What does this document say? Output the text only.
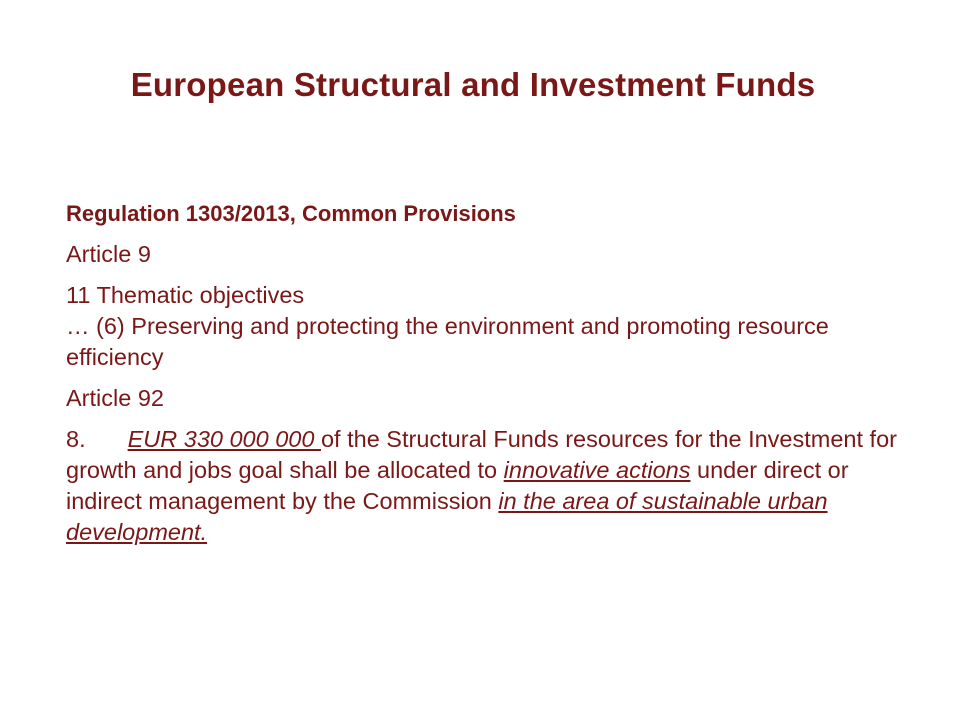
European Structural and Investment Funds
Regulation 1303/2013, Common Provisions
Article 9
11 Thematic objectives
… (6) Preserving and protecting the environment and promoting resource efficiency
Article 92
8. EUR 330 000 000 of the Structural Funds resources for the Investment for growth and jobs goal shall be allocated to innovative actions under direct or indirect management by the Commission in the area of sustainable urban development.
